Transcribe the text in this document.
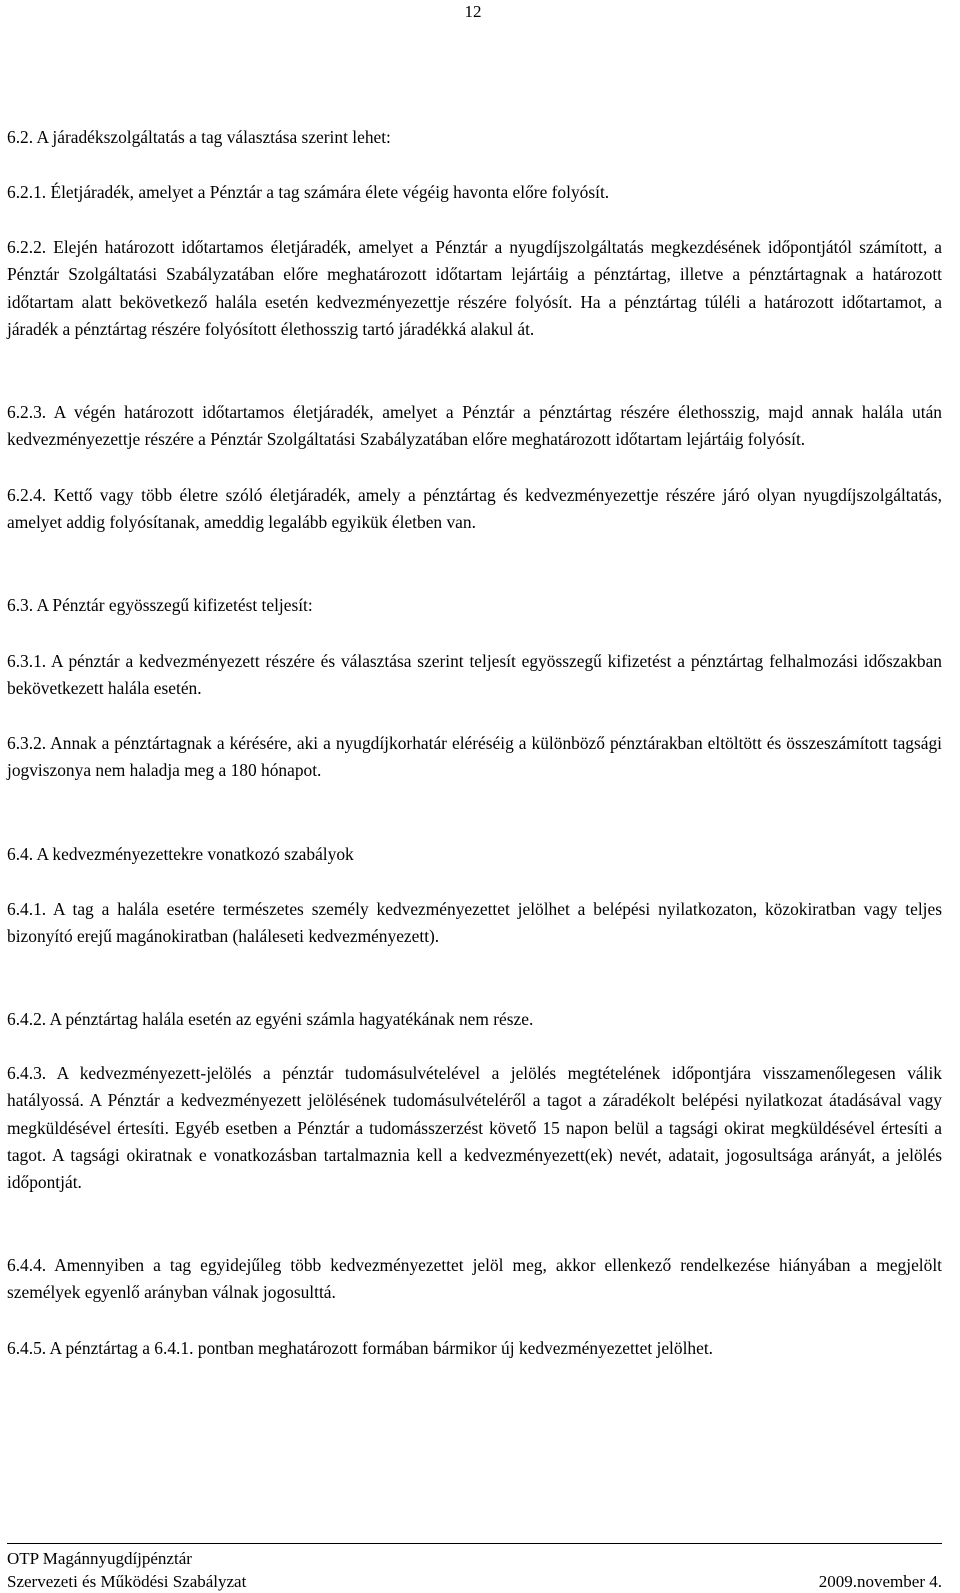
12

6.2. A járadékszolgáltatás a tag választása szerint lehet:

6.2.1. Életjáradék, amelyet a Pénztár a tag számára élete végéig havonta előre folyósít.

6.2.2. Elején határozott időtartamos életjáradék, amelyet a Pénztár a nyugdíjszolgáltatás megkezdésének időpontjától számított, a Pénztár Szolgáltatási Szabályzatában előre meghatározott időtartam lejártáig a pénztártag, illetve a pénztártagnak a határozott időtartam alatt bekövetkező halála esetén kedvezményezettje részére folyósít. Ha a pénztártag túléli a határozott időtartamot, a járadék a pénztártag részére folyósított élethosszig tartó járadékká alakul át.

6.2.3. A végén határozott időtartamos életjáradék, amelyet a Pénztár a pénztártag részére élethosszig, majd annak halála után kedvezményezettje részére a Pénztár Szolgáltatási Szabályzatában előre meghatározott időtartam lejártáig folyósít.

6.2.4. Kettő vagy több életre szóló életjáradék, amely a pénztártag és kedvezményezettje részére járó olyan nyugdíjszolgáltatás, amelyet addig folyósítanak, ameddig legalább egyikük életben van.

6.3. A Pénztár egyösszegű kifizetést teljesít:

6.3.1. A pénztár a kedvezményezett részére és választása szerint teljesít egyösszegű kifizetést a pénztártag felhalmozási időszakban bekövetkezett halála esetén.

6.3.2. Annak a pénztártagnak a kérésére, aki a nyugdíjkorhatár eléréséig a különböző pénztárakban eltöltött és összeszámított tagsági jogviszonya nem haladja meg a 180 hónapot.

6.4. A kedvezményezettekre vonatkozó szabályok

6.4.1. A tag a halála esetére természetes személy kedvezményezettet jelölhet a belépési nyilatkozaton, közokiratban vagy teljes bizonyító erejű magánokiratban (haláleseti kedvezményezett).

6.4.2. A pénztártag halála esetén az egyéni számla hagyatékának nem része.

6.4.3. A kedvezményezett-jelölés a pénztár tudomásulvételével a jelölés megtételének időpontjára visszamenőlegesen válik hatályossá. A Pénztár a kedvezményezett jelölésének tudomásulvételéről a tagot a záradékolt belépési nyilatkozat átadásával vagy megküldésével értesíti. Egyéb esetben a Pénztár a tudomásszerzést követő 15 napon belül a tagsági okirat megküldésével értesíti a tagot. A tagsági okiratnak e vonatkozásban tartalmaznia kell a kedvezményezett(ek) nevét, adatait, jogosultsága arányát, a jelölés időpontját.

6.4.4. Amennyiben a tag egyidejűleg több kedvezményezettet jelöl meg, akkor ellenkező rendelkezése hiányában a megjelölt személyek egyenlő arányban válnak jogosulttá.

6.4.5. A pénztártag a 6.4.1. pontban meghatározott formában bármikor új kedvezményezettet jelölhet.

OTP Magánnyugdíjpénztár
Szervezeti és Működési Szabályzat	2009.november 4.
